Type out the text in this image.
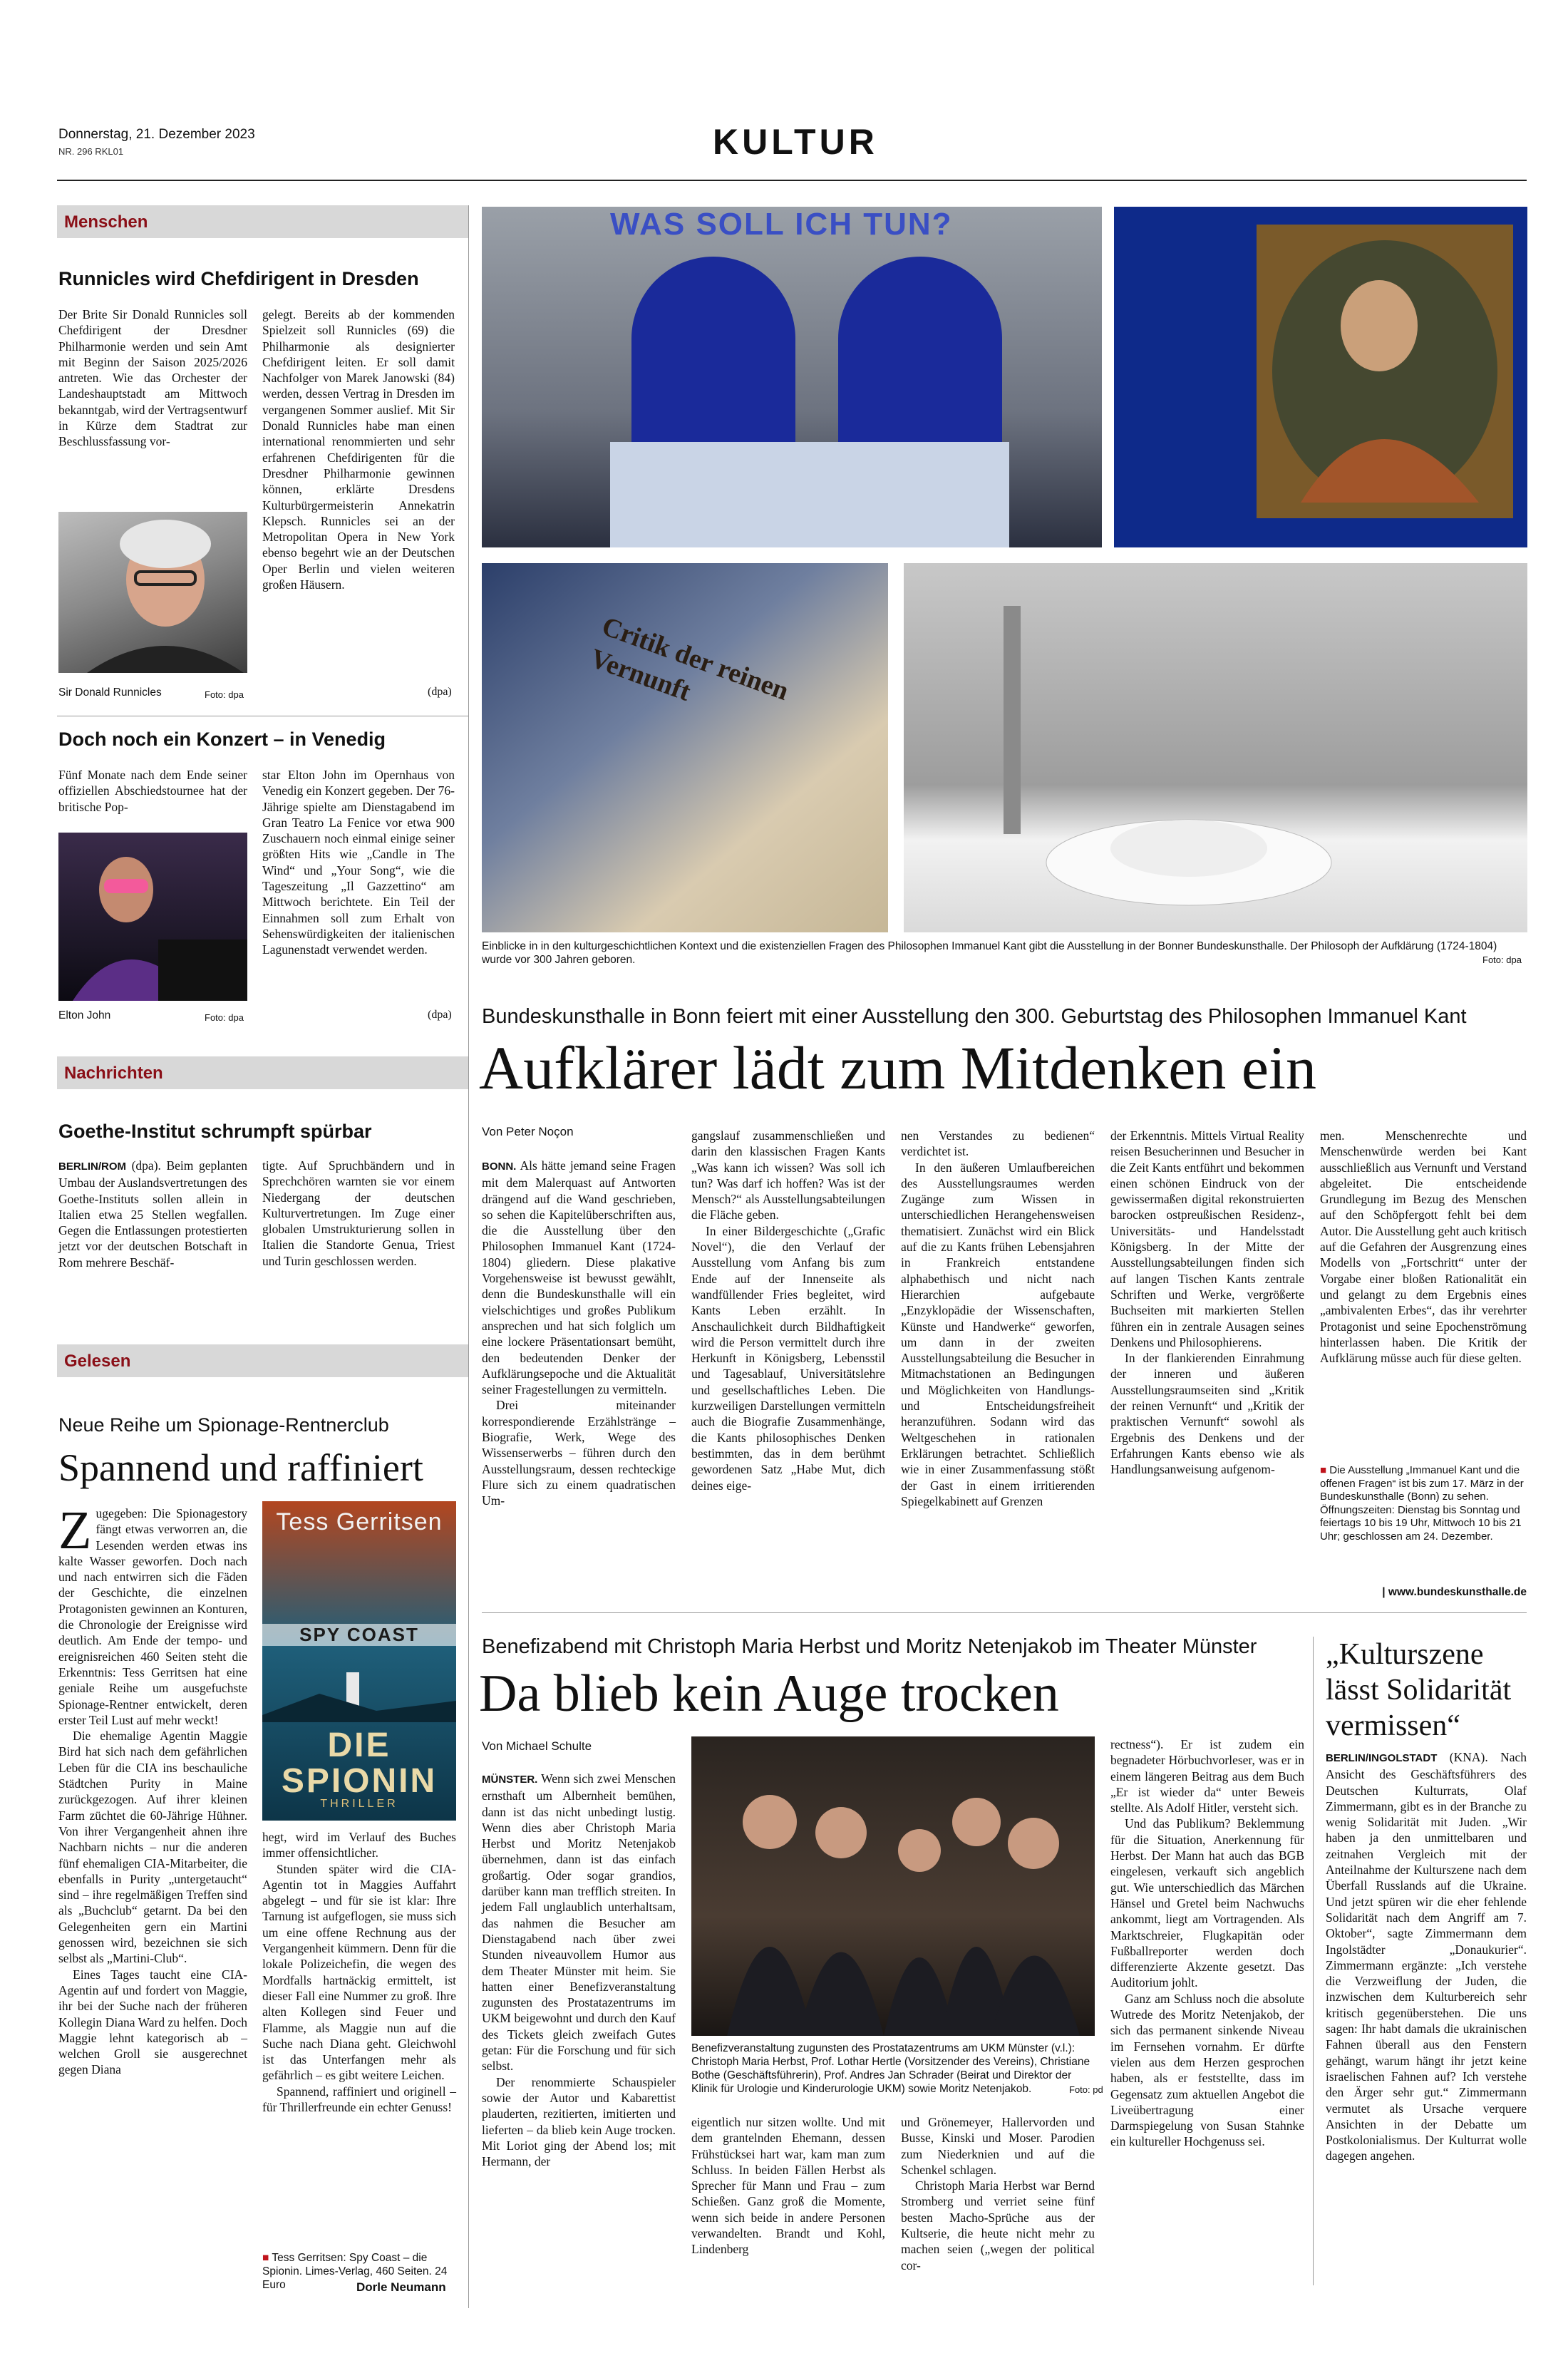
Donnerstag, 21. Dezember 2023
NR. 296 RKL01	KULTUR
Menschen
Runnicles wird Chefdirigent in Dresden

Der Brite Sir Donald Runnicles soll Chefdirigent der Dresdner Philharmonie werden und sein Amt mit Beginn der Saison 2025/2026 antreten. Wie das Orchester der Landeshauptstadt am Mittwoch bekanntgab, wird der Vertragsentwurf in Kürze dem Stadtrat zur Beschlussfassung vor-

Sir Donald Runnicles	Foto: dpa

gelegt. Bereits ab der kommenden Spielzeit soll Runnicles (69) die Philharmonie als designierter Chefdirigent leiten. Er soll damit Nachfolger von Marek Janowski (84) werden, dessen Vertrag in Dresden im vergangenen Sommer auslief. Mit Sir Donald Runnicles habe man einen international renommierten und sehr erfahrenen Chefdirigenten für die Dresdner Philharmonie gewinnen können, erklärte Dresdens Kulturbürgermeisterin Annekatrin Klepsch. Runnicles sei an der Metropolitan Opera in New York ebenso begehrt wie an der Deutschen Oper Berlin und vielen weiteren großen Häusern.

(dpa)
Doch noch ein Konzert – in Venedig

Fünf Monate nach dem Ende seiner offiziellen Abschiedstournee hat der britische Pop-

Elton John	Foto: dpa

star Elton John im Opernhaus von Venedig ein Konzert gegeben. Der 76-Jährige spielte am Dienstagabend im Gran Teatro La Fenice vor etwa 900 Zuschauern noch einmal einige seiner größten Hits wie „Candle in The Wind“ und „Your Song“, wie die Tageszeitung „Il Gazzettino“ am Mittwoch berichtete. Ein Teil der Einnahmen soll zum Erhalt von Sehenswürdigkeiten der italienischen Lagunenstadt verwendet werden.

(dpa)
Nachrichten
Goethe-Institut schrumpft spürbar

BERLIN/ROM (dpa). Beim geplanten Umbau der Auslandsvertretungen des Goethe-Instituts sollen allein in Italien etwa 25 Stellen wegfallen. Gegen die Entlassungen protestierten jetzt vor der deutschen Botschaft in Rom mehrere Beschäf-

tigte. Auf Spruchbändern und in Sprechchören warnten sie vor einem Niedergang der deutschen Kulturvertretungen. Im Zuge einer globalen Umstrukturierung sollen in Italien die Standorte Genua, Triest und Turin geschlossen werden.

Gelesen
Neue Reihe um Spionage-Rentnerclub
Spannend und raffiniert

Zugegeben: Die Spionagestory fängt etwas verworren an, die Lesenden werden etwas ins kalte Wasser geworfen. Doch nach und nach entwirren sich die Fäden der Geschichte, die einzelnen Protagonisten gewinnen an Konturen, die Chronologie der Ereignisse wird deutlich. Am Ende der tempo- und ereignisreichen 460 Seiten steht die Erkenntnis: Tess Gerritsen hat eine geniale Reihe um ausgefuchste Spionage-Rentner entwickelt, deren erster Teil Lust auf mehr weckt!

Die ehemalige Agentin Maggie Bird hat sich nach dem gefährlichen Leben für die CIA ins beschauliche Städtchen Purity in Maine zurückgezogen. Auf ihrer kleinen Farm züchtet die 60-Jährige Hühner. Von ihrer Vergangenheit ahnen ihre Nachbarn nichts – nur die anderen fünf ehemaligen CIA-Mitarbeiter, die ebenfalls in Purity „untergetaucht“ sind – ihre regelmäßigen Treffen sind als „Buchclub“ getarnt. Da bei den Gelegenheiten gern ein Martini genossen wird, bezeichnen sie sich selbst als „Martini-Club“.

Eines Tages taucht eine CIA- Agentin auf und fordert von Maggie, ihr bei der Suche nach der früheren Kollegin Diana Ward zu helfen. Doch Maggie lehnt kategorisch ab – welchen Groll sie ausgerechnet gegen Diana

Tess Gerritsen
SPY COAST
DIE SPIONIN
THRILLER

hegt, wird im Verlauf des Buches immer offensichtlicher.

Stunden später wird die CIA-Agentin tot in Maggies Auffahrt abgelegt – und für sie ist klar: Ihre Tarnung ist aufgeflogen, sie muss sich um eine offene Rechnung aus der Vergangenheit kümmern. Denn für die lokale Polizeichefin, die wegen des Mordfalls hartnäckig ermittelt, ist dieser Fall eine Nummer zu groß. Ihre alten Kollegen sind Feuer und Flamme, als Maggie nun auf die Suche nach Diana geht. Gleichwohl ist das Unterfangen mehr als gefährlich – es gibt weitere Leichen.

Spannend, raffiniert und originell – für Thrillerfreunde ein echter Genuss!

■ Tess Gerritsen: Spy Coast – die Spionin. Limes-Verlag, 460 Seiten. 24 Euro	Dorle Neumann
WAS SOLL ICH TUN?
Critik der reinen Vernunft
Einblicke in in den kulturgeschichtlichen Kontext und die existenziellen Fragen des Philosophen Immanuel Kant gibt die Ausstellung in der Bonner Bundeskunsthalle. Der Philosoph der Aufklärung (1724-1804) wurde vor 300 Jahren geboren.	Foto: dpa
Bundeskunsthalle in Bonn feiert mit einer Ausstellung den 300. Geburtstag des Philosophen Immanuel Kant
Aufklärer lädt zum Mitdenken ein
Von Peter Noçon

BONN. Als hätte jemand seine Fragen mit dem Malerquast auf Antworten drängend auf die Wand geschrieben, so sehen die Kapitelüberschriften aus, die die Ausstellung über den Philosophen Immanuel Kant (1724-1804) gliedern. Diese plakative Vorgehensweise ist bewusst gewählt, denn die Bundeskunsthalle will ein vielschichtiges und großes Publikum ansprechen und hat sich folglich um eine lockere Präsentationsart bemüht, den bedeutenden Denker der Aufklärungsepoche und die Aktualität seiner Fragestellungen zu vermitteln.

Drei miteinander korrespondierende Erzählstränge – Biografie, Werk, Wege des Wissenserwerbs – führen durch den Ausstellungsraum, dessen rechteckige Flure sich zu einem quadratischen Um-

gangslauf zusammenschließen und darin den klassischen Fragen Kants „Was kann ich wissen? Was soll ich tun? Was darf ich hoffen? Was ist der Mensch?“ als Ausstellungsabteilungen die Fläche geben.

In einer Bildergeschichte („Grafic Novel“), die den Verlauf der Ausstellung vom Anfang bis zum Ende auf der Innenseite als wandfüllender Fries begleitet, wird Kants Leben erzählt. In Anschaulichkeit durch Bildhaftigkeit wird die Person vermittelt durch ihre Herkunft in Königsberg, Lebensstil und Tagesablauf, Universitätslehre und gesellschaftliches Leben. Die kurzweiligen Darstellungen vermitteln auch die Biografie Zusammenhänge, die Kants philosophisches Denken bestimmten, das in dem berühmt gewordenen Satz „Habe Mut, dich deines eige-

nen Verstandes zu bedienen“ verdichtet ist.

In den äußeren Umlaufbereichen des Ausstellungsraumes werden Zugänge zum Wissen in unterschiedlichen Herangehensweisen thematisiert. Zunächst wird ein Blick auf die zu Kants frühen Lebensjahren in Frankreich entstandene alphabethisch und nicht nach Hierarchien aufgebaute „Enzyklopädie der Wissenschaften, Künste und Handwerke“ geworfen, um dann in der zweiten Ausstellungsabteilung die Besucher in Mitmachstationen an Bedingungen und Möglichkeiten von Handlungs- und Entscheidungsfreiheit heranzuführen. Sodann wird das Weltgeschehen in rationalen Erklärungen betrachtet. Schließlich wie in einer Zusammenfassung stößt der Gast in einem irritierenden Spiegelkabinett auf Grenzen

der Erkenntnis. Mittels Virtual Reality reisen Besucherinnen und Besucher in die Zeit Kants entführt und bekommen einen schönen Eindruck von der gewissermaßen digital rekonstruierten barocken ostpreußischen Residenz-, Universitäts- und Handelsstadt Königsberg. In der Mitte der Ausstellungsabteilungen finden sich auf langen Tischen Kants zentrale Schriften und Werke, vergrößerte Buchseiten mit markierten Stellen führen ein in zentrale Ausagen seines Denkens und Philosophierens.

In der flankierenden Einrahmung der inneren und äußeren Ausstellungsraumseiten sind „Kritik der reinen Vernunft“ und „Kritik der praktischen Vernunft“ sowohl als Ergebnis des Denkens und der Erfahrungen Kants ebenso wie als Handlungsanweisung aufgenom-

men. Menschenrechte und Menschenwürde werden bei Kant ausschließlich aus Vernunft und Verstand abgeleitet. Die entscheidende Grundlegung im Bezug des Menschen auf den Schöpfergott fehlt bei dem Autor. Die Ausstellung geht auch kritisch auf die Gefahren der Ausgrenzung eines Modells von „Fortschritt“ unter der Vorgabe einer bloßen Rationalität ein und gelangt zu dem Ergebnis eines „ambivalenten Erbes“, das ihr verehrter Protagonist und seine Epochenströmung hinterlassen haben. Die Kritik der Aufklärung müsse auch für diese gelten.

■ Die Ausstellung „Immanuel Kant und die offenen Fragen“ ist bis zum 17. März in der Bundeskunsthalle (Bonn) zu sehen. Öffnungszeiten: Dienstag bis Sonntag und feiertags 10 bis 19 Uhr, Mittwoch 10 bis 21 Uhr; geschlossen am 24. Dezember.
| www.bundeskunsthalle.de
Benefizabend mit Christoph Maria Herbst und Moritz Netenjakob im Theater Münster
Da blieb kein Auge trocken
Von Michael Schulte

MÜNSTER. Wenn sich zwei Menschen ernsthaft um Albernheit bemühen, dann ist das nicht unbedingt lustig. Wenn dies aber Christoph Maria Herbst und Moritz Netenjakob übernehmen, dann ist das einfach großartig. Oder sogar grandios, darüber kann man trefflich streiten. In jedem Fall unglaublich unterhaltsam, das nahmen die Besucher am Dienstagabend nach über zwei Stunden niveauvollem Humor aus dem Theater Münster mit heim. Sie hatten einer Benefizveranstaltung zugunsten des Prostatazentrums im UKM beigewohnt und durch den Kauf des Tickets gleich zweifach Gutes getan: Für die Forschung und für sich selbst.

Der renommierte Schauspieler sowie der Autor und Kabarettist plauderten, rezitierten, imitierten und lieferten – da blieb kein Auge trocken. Mit Loriot ging der Abend los; mit Hermann, der

Benefizveranstaltung zugunsten des Prostatazentrums am UKM Münster (v.l.): Christoph Maria Herbst, Prof. Lothar Hertle (Vorsitzender des Vereins), Christiane Bothe (Geschäftsführerin), Prof. Andres Jan Schrader (Beirat und Direktor der Klinik für Urologie und Kinderurologie UKM) sowie Moritz Netenjakob.	Foto: pd

eigentlich nur sitzen wollte. Und mit dem grantelnden Ehemann, dessen Frühstücksei hart war, kam man zum Schluss. In beiden Fällen Herbst als Sprecher für Mann und Frau – zum Schießen. Ganz groß die Momente, wenn sich beide in andere Personen verwandelten. Brandt und Kohl, Lindenberg

und Grönemeyer, Hallervorden und Busse, Kinski und Moser. Parodien zum Niederknien und auf die Schenkel schlagen.

Christoph Maria Herbst war Bernd Stromberg und verriet seine fünf besten Macho-Sprüche aus der Kultserie, die heute nicht mehr zu machen seien („wegen der political cor-

rectness“). Er ist zudem ein begnadeter Hörbuchvorleser, was er in einem längeren Beitrag aus dem Buch „Er ist wieder da“ unter Beweis stellte. Als Adolf Hitler, versteht sich.

Und das Publikum? Beklemmung für die Situation, Anerkennung für Herbst. Der Mann hat auch das BGB eingelesen, verkauft sich angeblich gut. Wie unterschiedlich das Märchen Hänsel und Gretel beim Nachwuchs ankommt, liegt am Vortragenden. Als Marktschreier, Flugkapitän oder Fußballreporter werden doch differenzierte Akzente gesetzt. Das Auditorium johlt.

Ganz am Schluss noch die absolute Wutrede des Moritz Netenjakob, der sich das permanent sinkende Niveau im Fernsehen vornahm. Er dürfte vielen aus dem Herzen gesprochen haben, als er feststellte, dass im Gegensatz zum aktuellen Angebot die Liveübertragung einer Darmspiegelung von Susan Stahnke ein kultureller Hochgenuss sei.

„Kulturszene lässt Solidarität vermissen“

BERLIN/INGOLSTADT (KNA). Nach Ansicht des Geschäftsführers des Deutschen Kulturrats, Olaf Zimmermann, gibt es in der Branche zu wenig Solidarität mit Juden. „Wir haben ja den unmittelbaren und zeitnahen Vergleich mit der Anteilnahme der Kulturszene nach dem Überfall Russlands auf die Ukraine. Und jetzt spüren wir die eher fehlende Solidarität nach dem Angriff am 7. Oktober“, sagte Zimmermann dem Ingolstädter „Donaukurier“. Zimmermann ergänzte: „Ich verstehe die Verzweiflung der Juden, die inzwischen dem Kulturbereich sehr kritisch gegenüberstehen. Die uns sagen: Ihr habt damals die ukrainischen Fahnen überall aus den Fenstern gehängt, warum hängt ihr jetzt keine israelischen Fahnen auf? Ich verstehe den Ärger sehr gut.“ Zimmermann vermutet als Ursache verquere Ansichten in der Debatte um Postkolonialismus. Der Kulturrat wolle dagegen angehen.
